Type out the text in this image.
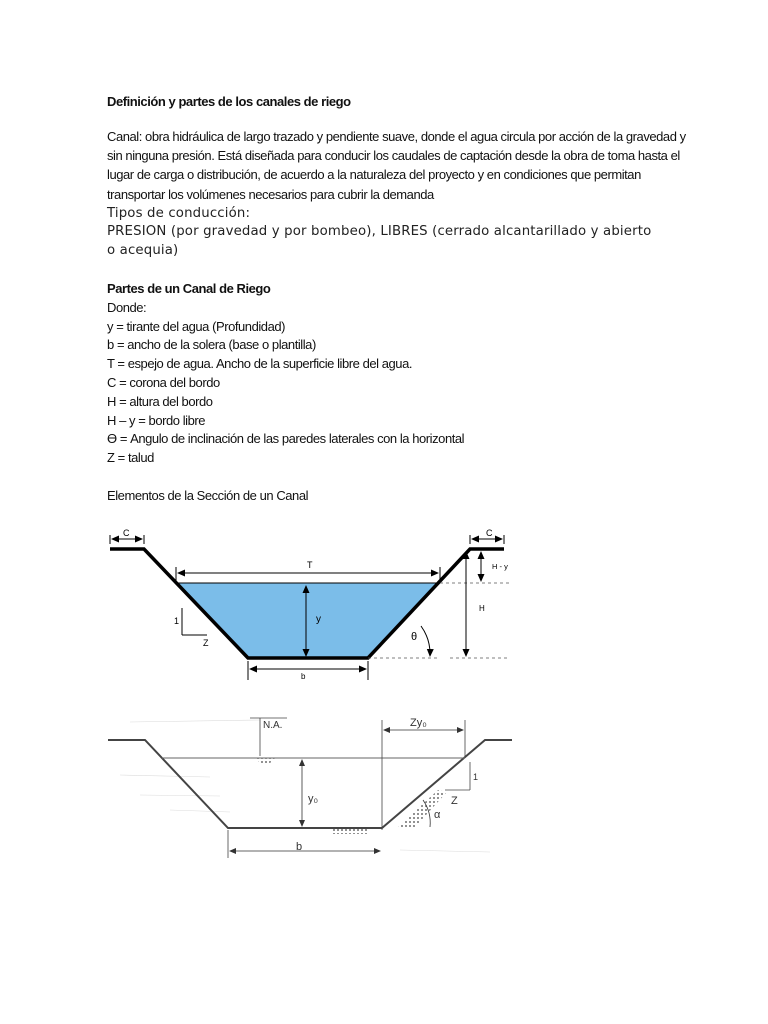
Definición y partes de los canales de riego
Canal: obra hidráulica de largo trazado y pendiente suave, donde el agua circula por acción de la gravedad y
sin ninguna presión. Está diseñada para conducir los caudales de captación desde la obra de toma hasta el
lugar de carga o distribución, de acuerdo a la naturaleza del proyecto y en condiciones que permitan
transportar los volúmenes necesarios para cubrir la demanda
Tipos de conducción:
PRESION (por gravedad y por bombeo), LIBRES (cerrado alcantarillado y abierto
o acequia)
Partes de un Canal de Riego
Donde:
y = tirante del agua (Profundidad)
b = ancho de la solera (base o plantilla)
T = espejo de agua. Ancho de la superficie libre del agua.
C = corona del bordo
H = altura del bordo
H – y = bordo libre
ϴ = Angulo de inclinación de las paredes laterales con la horizontal
Z = talud
Elementos de la Sección de un Canal
C	C
T
y
1
Z	θ
H - y
H
b
N.A.	Zy₀
y₀
1
Z
α
b
